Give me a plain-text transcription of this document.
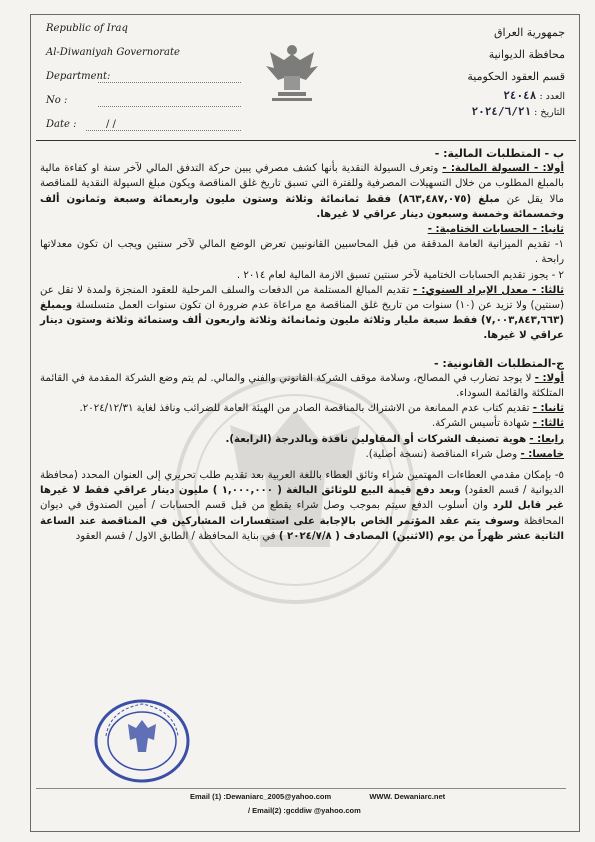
Republic of Iraq
Al-Diwaniyah Governorate
Department:
No :
Date :	/ /
جمهورية العراق
محافظة الديوانية
قسم العقود الحكومية
العدد : ٢٤٠٤٨
التاريخ : ٢٠٢٤/٦/٢١

ب - المتطلبات المالية: -

أولا: - السيولة المالية: - وتعرف السيولة النقدية بأنها كشف مصرفي يبين حركة التدفق المالي لآخر سنة او كفاءة مالية بالمبلغ المطلوب من خلال التسهيلات المصرفية وللفترة التي تسبق تاريخ غلق المناقصة ويكون مبلغ السيولة النقدية للمناقصة مالا يقل عن مبلغ (٨٦٣,٤٨٧,٠٧٥) فقط ثمانمائة وثلاثة وستون مليون واربعمائة وسبعة وثمانون ألف وخمسمائة وخمسة وسبعون دينار عراقي لا غيرها.

ثانيا: - الحسابات الختامية: -

١- تقديم الميزانية العامة المدققة من قبل المحاسبين القانونيين تعرض الوضع المالي لآخر سنتين ويجب ان تكون معدلاتها رابحة .

٢ - يجوز تقديم الحسابات الختامية لآخر سنتين تسبق الازمة المالية لعام ٢٠١٤ .

ثالثا: - معدل الإيراد السنوي: - تقديم المبالغ المستلمة من الدفعات والسلف المرحلية للعقود المنجزة ولمدة لا تقل عن (سنتين) ولا تزيد عن (١٠) سنوات من تاريخ غلق المناقصة مع مراعاة عدم ضرورة ان تكون سنوات العمل متسلسلة ويمبلغ (٧,٠٠٣,٨٤٣,٦٦٣) فقط سبعة مليار وثلاثة مليون وثمانمائة وثلاثة واربعون ألف وستمائة وثلاثة وستون دينار عراقي لا غيرها.

ج-المتطلبات القانونية: -

أولا: - لا يوجد تضارب في المصالح، وسلامة موقف الشركة القانوني والفني والمالي. لم يتم وضع الشركة المقدمة في القائمة المتلكئة والقائمة السوداء.

ثانيا: - تقديم كتاب عدم الممانعة من الاشتراك بالمناقصة الصادر من الهيئة العامة للضرائب ونافذ لغاية ٢٠٢٤/١٢/٣١.

ثالثا: - شهادة تأسيس الشركة.

رابعا: - هوية تصنيف الشركات أو المقاولين نافذة وبالدرجة (الرابعة).

خامسا: - وصل شراء المناقصة (نسخة أصلية).

٥- بإمكان مقدمي العطاءات المهتمين شراء وثائق العطاء باللغة العربية بعد تقديم طلب تحريري إلى العنوان المحدد (محافظة الديوانية / قسم العقود) وبعد دفع قيمة البيع للوثائق البالغة ( ١,٠٠٠,٠٠٠ ) مليون دينار عراقي فقط لا غيرها غير قابل للرد وان أسلوب الدفع سيتم بموجب وصل شراء يقطع من قبل قسم الحسابات / أمين الصندوق في ديوان المحافظة وسوف يتم عقد المؤتمر الخاص بالإجابة على استفسارات المشاركين في المناقصة عند الساعة الثانية عشر ظهراً من يوم (الاثنين) المصادف ( ٢٠٢٤/٧/٨ ) في بناية المحافظة / الطابق الاول / قسم العقود

Email (1) :Dewaniarc_2005@yahoo.com	WWW. Dewaniarc.net
/ Email(2) :gcddiw @yahoo.com
